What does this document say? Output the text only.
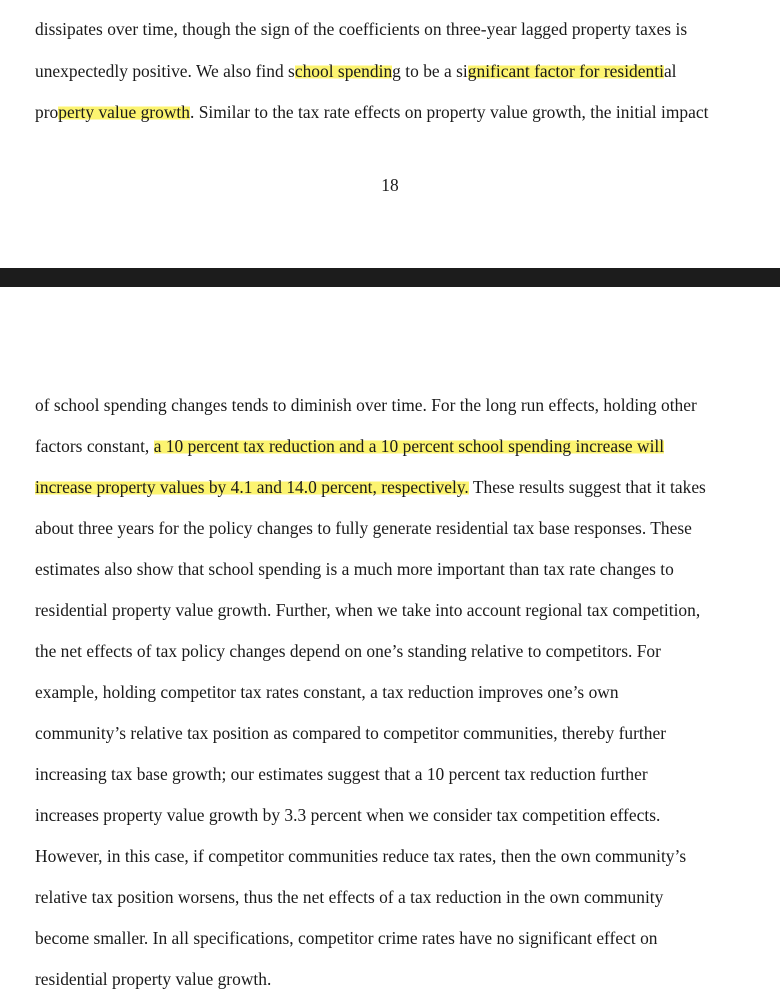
dissipates over time, though the sign of the coefficients on three-year lagged property taxes is
unexpectedly positive. We also find school spending to be a significant factor for residential
property value growth. Similar to the tax rate effects on property value growth, the initial impact
18
of school spending changes tends to diminish over time. For the long run effects, holding other
factors constant, a 10 percent tax reduction and a 10 percent school spending increase will
increase property values by 4.1 and 14.0 percent, respectively. These results suggest that it takes
about three years for the policy changes to fully generate residential tax base responses. These
estimates also show that school spending is a much more important than tax rate changes to
residential property value growth. Further, when we take into account regional tax competition,
the net effects of tax policy changes depend on one’s standing relative to competitors. For
example, holding competitor tax rates constant, a tax reduction improves one’s own
community’s relative tax position as compared to competitor communities, thereby further
increasing tax base growth; our estimates suggest that a 10 percent tax reduction further
increases property value growth by 3.3 percent when we consider tax competition effects.
However, in this case, if competitor communities reduce tax rates, then the own community’s
relative tax position worsens, thus the net effects of a tax reduction in the own community
become smaller. In all specifications, competitor crime rates have no significant effect on
residential property value growth.
